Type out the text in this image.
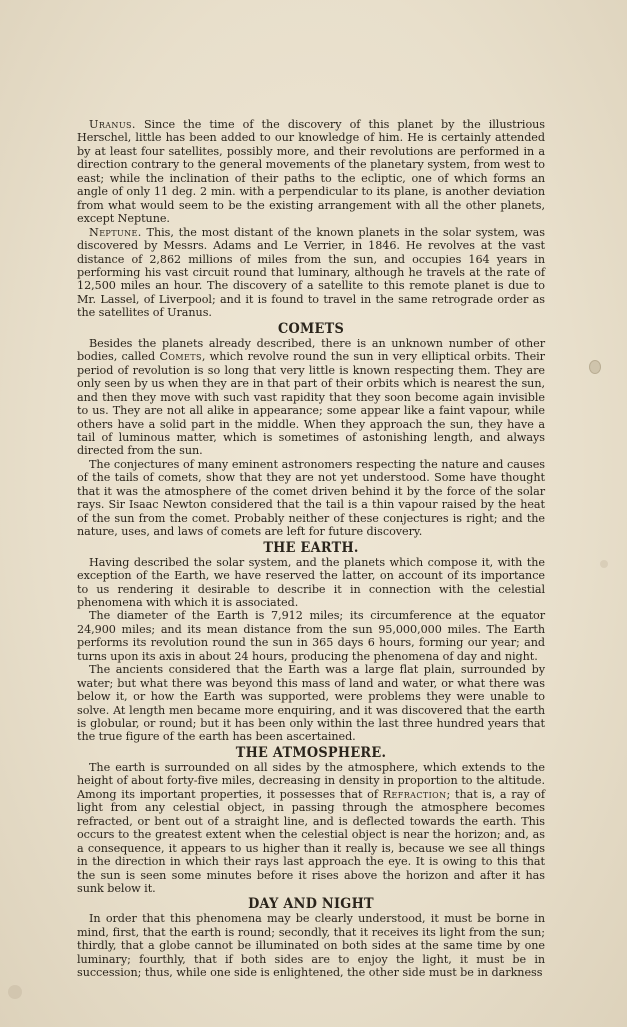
Uranus. Since the time of the discovery of this planet by the illustrious Herschel, little has been added to our knowledge of him. He is certainly attended by at least four satellites, possibly more, and their revolutions are performed in a direction contrary to the general movements of the planetary system, from west to east; while the inclination of their paths to the ecliptic, one of which forms an angle of only 11 deg. 2 min. with a perpendicular to its plane, is another deviation from what would seem to be the existing arrangement with all the other planets, except Neptune.

Neptune. This, the most distant of the known planets in the solar system, was discovered by Messrs. Adams and Le Verrier, in 1846. He revolves at the vast distance of 2,862 millions of miles from the sun, and occupies 164 years in performing his vast circuit round that luminary, although he travels at the rate of 12,500 miles an hour. The discovery of a satellite to this remote planet is due to Mr. Lassel, of Liverpool; and it is found to travel in the same retrograde order as the satellites of Uranus.

COMETS

Besides the planets already described, there is an unknown number of other bodies, called Comets, which revolve round the sun in very elliptical orbits. Their period of revolution is so long that very little is known respecting them. They are only seen by us when they are in that part of their orbits which is nearest the sun, and then they move with such vast rapidity that they soon become again invisible to us. They are not all alike in appearance; some appear like a faint vapour, while others have a solid part in the middle. When they approach the sun, they have a tail of luminous matter, which is sometimes of astonishing length, and always directed from the sun.

The conjectures of many eminent astronomers respecting the nature and causes of the tails of comets, show that they are not yet understood. Some have thought that it was the atmosphere of the comet driven behind it by the force of the solar rays. Sir Isaac Newton considered that the tail is a thin vapour raised by the heat of the sun from the comet. Probably neither of these conjectures is right; and the nature, uses, and laws of comets are left for future discovery.

THE EARTH.

Having described the solar system, and the planets which compose it, with the exception of the Earth, we have reserved the latter, on account of its importance to us rendering it desirable to describe it in connection with the celestial phenomena with which it is associated.

The diameter of the Earth is 7,912 miles; its circumference at the equator 24,900 miles; and its mean distance from the sun 95,000,000 miles. The Earth performs its revolution round the sun in 365 days 6 hours, forming our year; and turns upon its axis in about 24 hours, producing the phenomena of day and night.

The ancients considered that the Earth was a large flat plain, surrounded by water; but what there was beyond this mass of land and water, or what there was below it, or how the Earth was supported, were problems they were unable to solve. At length men became more enquiring, and it was discovered that the earth is globular, or round; but it has been only within the last three hundred years that the true figure of the earth has been ascertained.

THE ATMOSPHERE.

The earth is surrounded on all sides by the atmosphere, which extends to the height of about forty-five miles, decreasing in density in proportion to the altitude. Among its important properties, it possesses that of Refraction; that is, a ray of light from any celestial object, in passing through the atmosphere becomes refracted, or bent out of a straight line, and is deflected towards the earth. This occurs to the greatest extent when the celestial object is near the horizon; and, as a consequence, it appears to us higher than it really is, because we see all things in the direction in which their rays last approach the eye. It is owing to this that the sun is seen some minutes before it rises above the horizon and after it has sunk below it.

DAY AND NIGHT

In order that this phenomena may be clearly understood, it must be borne in mind, first, that the earth is round; secondly, that it receives its light from the sun; thirdly, that a globe cannot be illuminated on both sides at the same time by one luminary; fourthly, that if both sides are to enjoy the light, it must be in succession; thus, while one side is enlightened, the other side must be in darkness
